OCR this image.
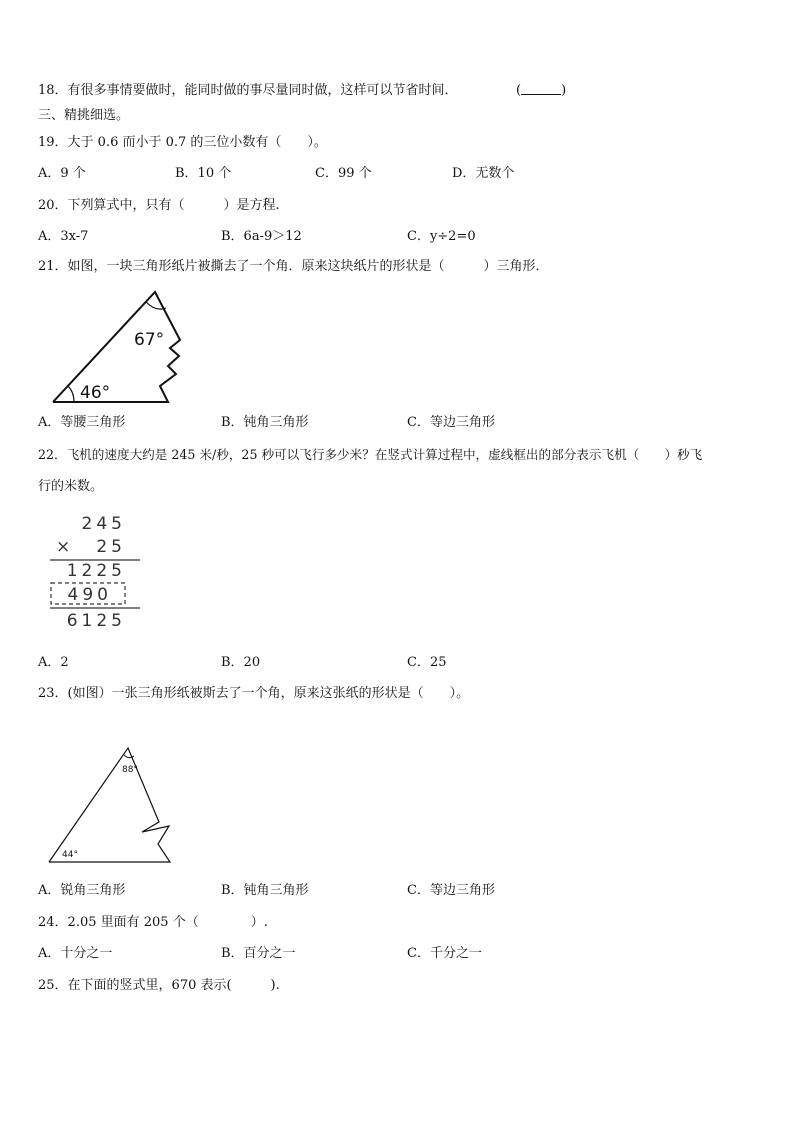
18．有很多事情要做时，能同时做的事尽量同时做，这样可以节省时间．	(	)
三、精挑细选。
19．大于 0.6 而小于 0.7 的三位小数有（　　）。
A．9 个	B．10 个	C．99 个	D．无数个
20．下列算式中，只有（　　　）是方程.
A．3x-7	B．6a-9＞12	C．y÷2=0
21．如图，一块三角形纸片被撕去了一个角．原来这块纸片的形状是（　　　）三角形．
67°
46°
A．等腰三角形	B．钝角三角形	C．等边三角形
22．飞机的速度大约是 245 米/秒，25 秒可以飞行多少米？在竖式计算过程中，虚线框出的部分表示飞机（　　）秒飞
行的米数。
245
× 25
1225
490
6125
A．2	B．20	C．25
23．(如图）一张三角形纸被斯去了一个角，原来这张纸的形状是（　　）。
88°
44°
A．锐角三角形	B．钝角三角形	C．等边三角形
24．2.05 里面有 205 个（　　　　）.
A．十分之一	B．百分之一	C．千分之一
25．在下面的竖式里，670 表示(　　　).
